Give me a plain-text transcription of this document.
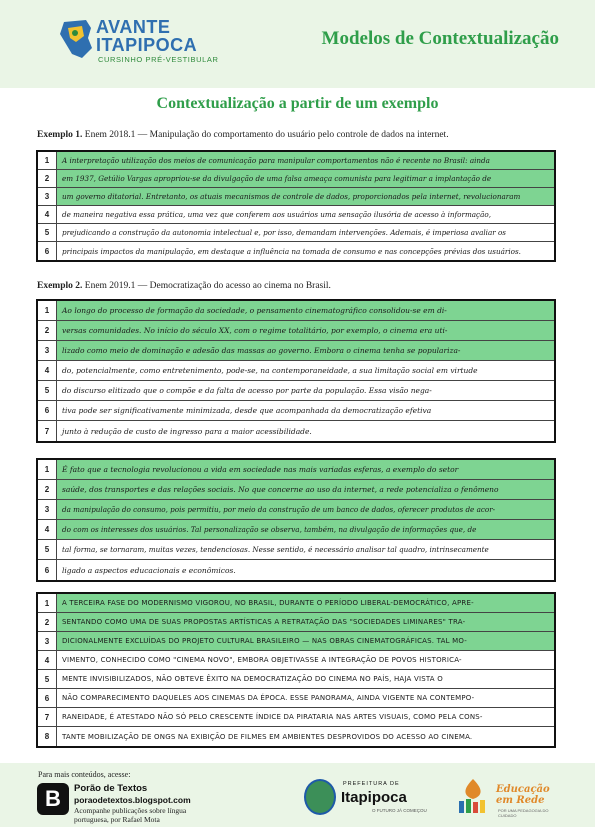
AVANTE
ITAPIPOCA
CURSINHO PRÉ-VESTIBULAR
Modelos de Contextualização
Contextualização a partir de um exemplo
Exemplo 1. Enem 2018.1 — Manipulação do comportamento do usuário pelo controle de dados na internet.
1	A interpretação utilização dos meios de comunicação para manipular comportamentos não é recente no Brasil: ainda
2	em 1937, Getúlio Vargas apropriou-se da divulgação de uma falsa ameaça comunista para legitimar a implantação de
3	um governo ditatorial. Entretanto, os atuais mecanismos de controle de dados, proporcionados pela internet, revolucionaram
4	de maneira negativa essa prática, uma vez que conferem aos usuários uma sensação ilusória de acesso à informação,
5	prejudicando a construção da autonomia intelectual e, por isso, demandam intervenções. Ademais, é imperiosa avaliar os
6	principais impactos da manipulação, em destaque a influência na tomada de consumo e nas concepções prévias dos usuários.
Exemplo 2. Enem 2019.1 — Democratização do acesso ao cinema no Brasil.
1	Ao longo do processo de formação da sociedade, o pensamento cinematográfico consolidou-se em di-
2	versas comunidades. No início do século XX, com o regime totalitário, por exemplo, o cinema era uti-
3	lizado como meio de dominação e adesão das massas ao governo. Embora o cinema tenha se populariza-
4	do, potencialmente, como entretenimento, pode-se, na contemporaneidade, a sua limitação social em virtude
5	do discurso elitizado que o compõe e da falta de acesso por parte da população. Essa visão nega-
6	tiva pode ser significativamente minimizada, desde que acompanhada da democratização efetiva
7	junto à redução de custo de ingresso para a maior acessibilidade.
1	É fato que a tecnologia revolucionou a vida em sociedade nas mais variadas esferas, a exemplo do setor
2	saúde, dos transportes e das relações sociais. No que concerne ao uso da internet, a rede potencializa o fenômeno
3	da manipulação do consumo, pois permitiu, por meio da construção de um banco de dados, oferecer produtos de acor-
4	do com os interesses dos usuários. Tal personalização se observa, também, na divulgação de informações que, de
5	tal forma, se tornaram, muitas vezes, tendenciosas. Nesse sentido, é necessário analisar tal quadro, intrinsecamente
6	ligado a aspectos educacionais e econômicos.
1	A TERCEIRA FASE DO MODERNISMO VIGOROU, NO BRASIL, DURANTE O PERÍODO LIBERAL-DEMOCRÁTICO, APRE-
2	SENTANDO COMO UMA DE SUAS PROPOSTAS ARTÍSTICAS A RETRATAÇÃO DAS "SOCIEDADES LIMINARES" TRA-
3	DICIONALMENTE EXCLUÍDAS DO PROJETO CULTURAL BRASILEIRO — NAS OBRAS CINEMATOGRÁFICAS. TAL MO-
4	VIMENTO, CONHECIDO COMO "CINEMA NOVO", EMBORA OBJETIVASSE A INTEGRAÇÃO DE POVOS HISTORICA-
5	MENTE INVISIBILIZADOS, NÃO OBTEVE ÊXITO NA DEMOCRATIZAÇÃO DO CINEMA NO PAÍS, HAJA VISTA O
6	NÃO COMPARECIMENTO DAQUELES AOS CINEMAS DA ÉPOCA. ESSE PANORAMA, AINDA VIGENTE NA CONTEMPO-
7	RANEIDADE, É ATESTADO NÃO SÓ PELO CRESCENTE ÍNDICE DA PIRATARIA NAS ARTES VISUAIS, COMO PELA CONS-
8	TANTE MOBILIZAÇÃO DE ONGS NA EXIBIÇÃO DE FILMES EM AMBIENTES DESPROVIDOS DO ACESSO AO CINEMA.
Para mais conteúdos, acesse:
B Porão de Textos
poraodetextos.blogspot.com
Acompanhe publicações sobre língua portuguesa, por Rafael Mota
PREFEITURA DE
Itapipoca
O FUTURO JÁ COMEÇOU
Educação em Rede
POR UMA PEDAGOGIA DO CUIDADO
